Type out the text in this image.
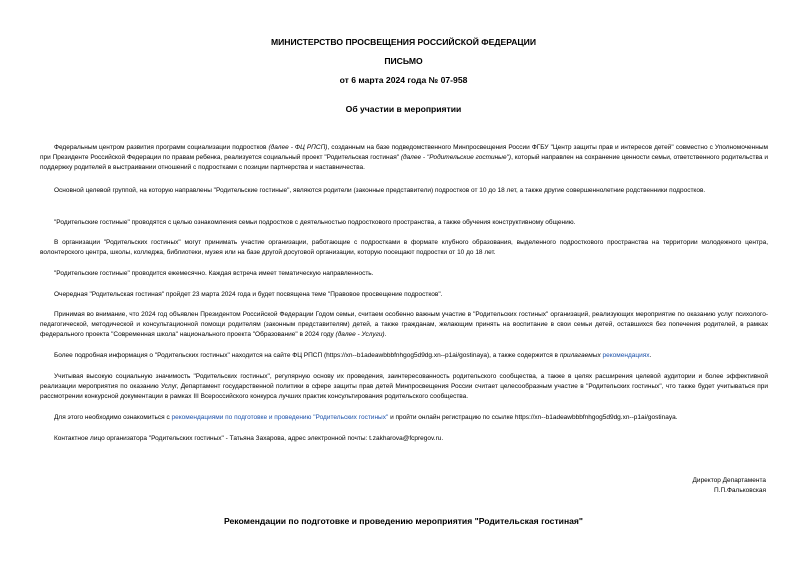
МИНИСТЕРСТВО ПРОСВЕЩЕНИЯ РОССИЙСКОЙ ФЕДЕРАЦИИ
ПИСЬМО
от 6 марта 2024 года № 07-958
Об участии в мероприятии
Федеральным центром развития программ социализации подростков (далее - ФЦ РПСП), созданным на базе подведомственного Минпросвещения России ФГБУ "Центр защиты прав и интересов детей" совместно с Уполномоченным при Президенте Российской Федерации по правам ребенка, реализуется социальный проект "Родительская гостиная" (далее - "Родительские гостиные"), который направлен на сохранение ценности семьи, ответственного родительства и поддержку родителей в выстраивании отношений с подростками с позиции партнерства и наставничества.
Основной целевой группой, на которую направлены "Родительские гостиные", являются родители (законные представители) подростков от 10 до 18 лет, а также другие совершеннолетние родственники подростков.
"Родительские гостиные" проводятся с целью ознакомления семьи подростков с деятельностью подросткового пространства, а также обучения конструктивному общению.
В организации "Родительских гостиных" могут принимать участие организации, работающие с подростками в формате клубного образования, выделенного подросткового пространства на территории молодежного центра, волонтерского центра, школы, колледжа, библиотеки, музея или на базе другой досуговой организации, которую посещают подростки от 10 до 18 лет.
"Родительские гостиные" проводится ежемесячно. Каждая встреча имеет тематическую направленность.
Очередная "Родительская гостиная" пройдет 23 марта 2024 года и будет посвящена теме "Правовое просвещение подростков".
Принимая во внимание, что 2024 год объявлен Президентом Российской Федерации Годом семьи, считаем особенно важным участие в "Родительских гостиных" организаций, реализующих мероприятие по оказанию услуг психолого-педагогической, методической и консультационной помощи родителям (законным представителям) детей, а также гражданам, желающим принять на воспитание в свои семьи детей, оставшихся без попечения родителей, в рамках федерального проекта "Современная школа" национального проекта "Образование" в 2024 году (далее - Услуги).
Более подробная информация о "Родительских гостиных" находится на сайте ФЦ РПСП (https://xn--b1adeawbbbfnhgog5d9dg.xn--p1ai/gostinaya), а также содержится в прилагаемых рекомендациях.
Учитывая высокую социальную значимость "Родительских гостиных", регулярную основу их проведения, заинтересованность родительского сообщества, а также в целях расширения целевой аудитории и более эффективной реализации мероприятия по оказанию Услуг, Департамент государственной политики в сфере защиты прав детей Минпросвещения России считает целесообразным участие в "Родительских гостиных", что также будет учитываться при рассмотрении конкурсной документации в рамках III Всероссийского конкурса лучших практик консультирования родительского сообщества.
Для этого необходимо ознакомиться с рекомендациями по подготовке и проведению "Родительских гостиных" и пройти онлайн регистрацию по ссылке https://xn--b1adeawbbbfnhgog5d9dg.xn--p1ai/gostinaya.
Контактное лицо организатора "Родительских гостиных" - Татьяна Захарова, адрес электронной почты: t.zakharova@fcpregov.ru.
Директор Департамента
П.П.Фальковская
Рекомендации по подготовке и проведению мероприятия "Родительская гостиная"
